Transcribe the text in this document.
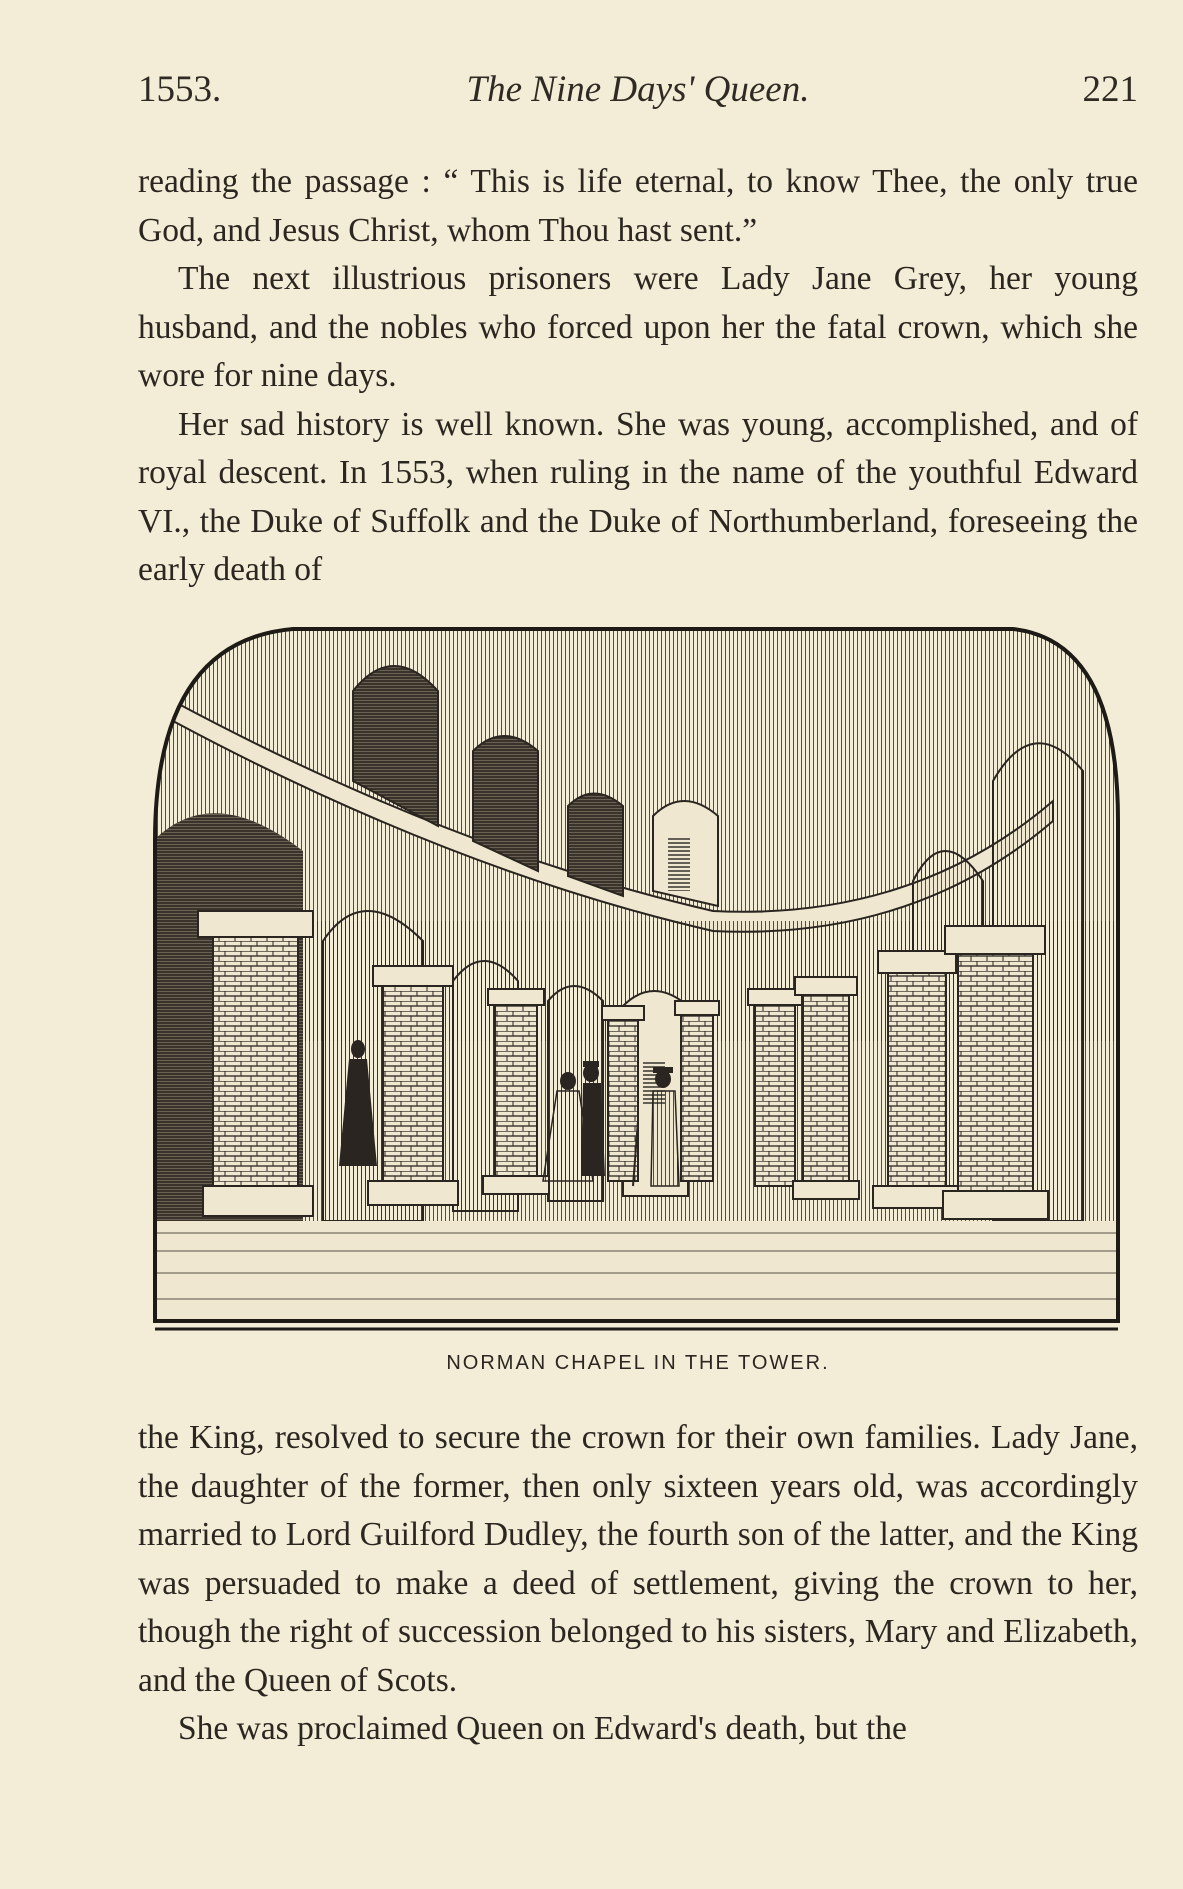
1553.	The Nine Days' Queen.	221

reading the passage : “ This is life eternal, to know Thee, the only true God, and Jesus Christ, whom Thou hast sent.”

The next illustrious prisoners were Lady Jane Grey, her young husband, and the nobles who forced upon her the fatal crown, which she wore for nine days.

Her sad history is well known. She was young, accomplished, and of royal descent. In 1553, when ruling in the name of the youthful Edward VI., the Duke of Suffolk and the Duke of Northumberland, foreseeing the early death of

NORMAN CHAPEL IN THE TOWER.

the King, resolved to secure the crown for their own families. Lady Jane, the daughter of the former, then only sixteen years old, was accordingly married to Lord Guilford Dudley, the fourth son of the latter, and the King was persuaded to make a deed of settlement, giving the crown to her, though the right of succession belonged to his sisters, Mary and Elizabeth, and the Queen of Scots.

She was proclaimed Queen on Edward's death, but the
